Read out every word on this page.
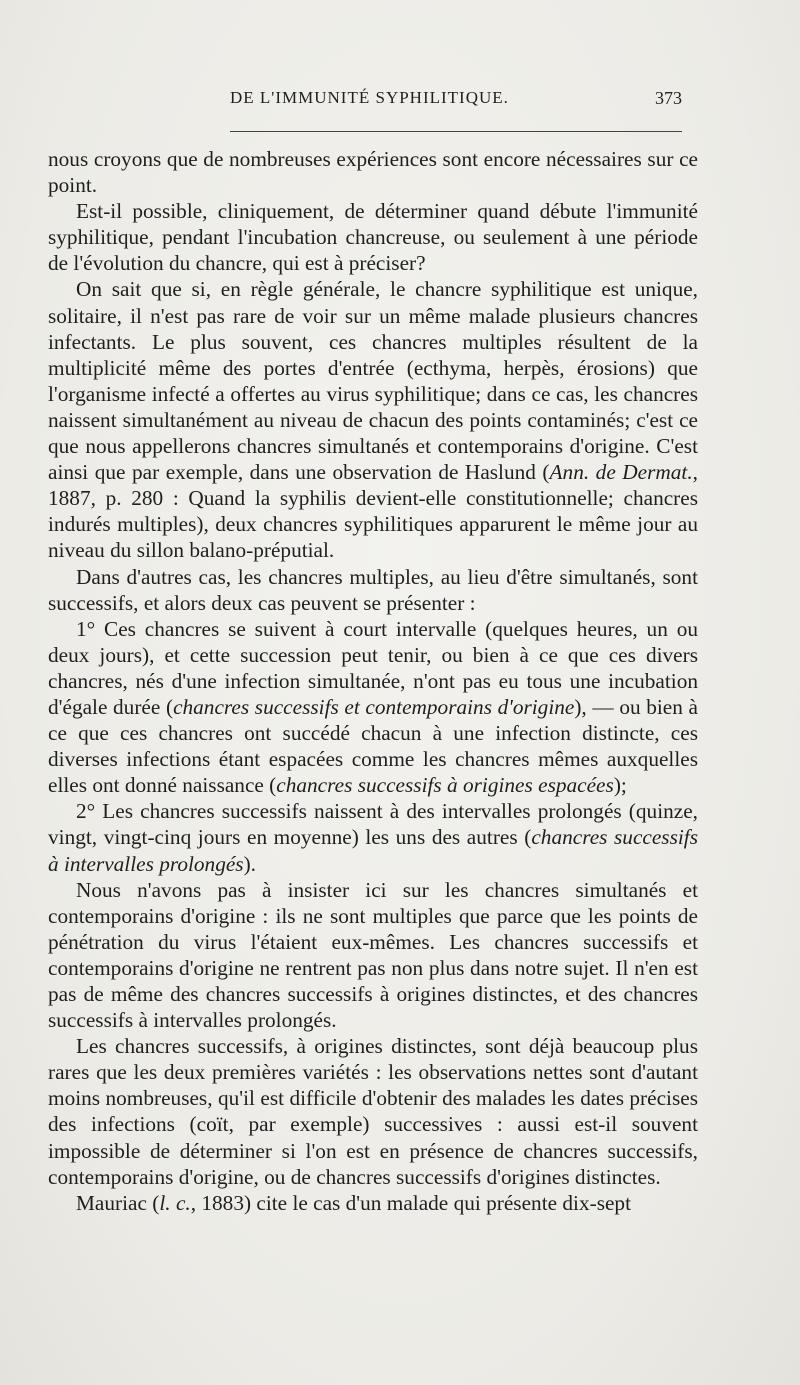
DE L'IMMUNITÉ SYPHILITIQUE.	373

nous croyons que de nombreuses expériences sont encore nécessaires sur ce point.

Est-il possible, cliniquement, de déterminer quand débute l'immunité syphilitique, pendant l'incubation chancreuse, ou seulement à une période de l'évolution du chancre, qui est à préciser?

On sait que si, en règle générale, le chancre syphilitique est unique, solitaire, il n'est pas rare de voir sur un même malade plusieurs chancres infectants. Le plus souvent, ces chancres multiples résultent de la multiplicité même des portes d'entrée (ecthyma, herpès, érosions) que l'organisme infecté a offertes au virus syphilitique; dans ce cas, les chancres naissent simultanément au niveau de chacun des points contaminés; c'est ce que nous appellerons chancres simultanés et contemporains d'origine. C'est ainsi que par exemple, dans une observation de Haslund (Ann. de Dermat., 1887, p. 280 : Quand la syphilis devient-elle constitutionnelle; chancres indurés multiples), deux chancres syphilitiques apparurent le même jour au niveau du sillon balano-préputial.

Dans d'autres cas, les chancres multiples, au lieu d'être simultanés, sont successifs, et alors deux cas peuvent se présenter :

1° Ces chancres se suivent à court intervalle (quelques heures, un ou deux jours), et cette succession peut tenir, ou bien à ce que ces divers chancres, nés d'une infection simultanée, n'ont pas eu tous une incubation d'égale durée (chancres successifs et contemporains d'origine), — ou bien à ce que ces chancres ont succédé chacun à une infection distincte, ces diverses infections étant espacées comme les chancres mêmes auxquelles elles ont donné naissance (chancres successifs à origines espacées);

2° Les chancres successifs naissent à des intervalles prolongés (quinze, vingt, vingt-cinq jours en moyenne) les uns des autres (chancres successifs à intervalles prolongés).

Nous n'avons pas à insister ici sur les chancres simultanés et contemporains d'origine : ils ne sont multiples que parce que les points de pénétration du virus l'étaient eux-mêmes. Les chancres successifs et contemporains d'origine ne rentrent pas non plus dans notre sujet. Il n'en est pas de même des chancres successifs à origines distinctes, et des chancres successifs à intervalles prolongés.

Les chancres successifs, à origines distinctes, sont déjà beaucoup plus rares que les deux premières variétés : les observations nettes sont d'autant moins nombreuses, qu'il est difficile d'obtenir des malades les dates précises des infections (coït, par exemple) successives : aussi est-il souvent impossible de déterminer si l'on est en présence de chancres successifs, contemporains d'origine, ou de chancres successifs d'origines distinctes.

Mauriac (l. c., 1883) cite le cas d'un malade qui présente dix-sept
